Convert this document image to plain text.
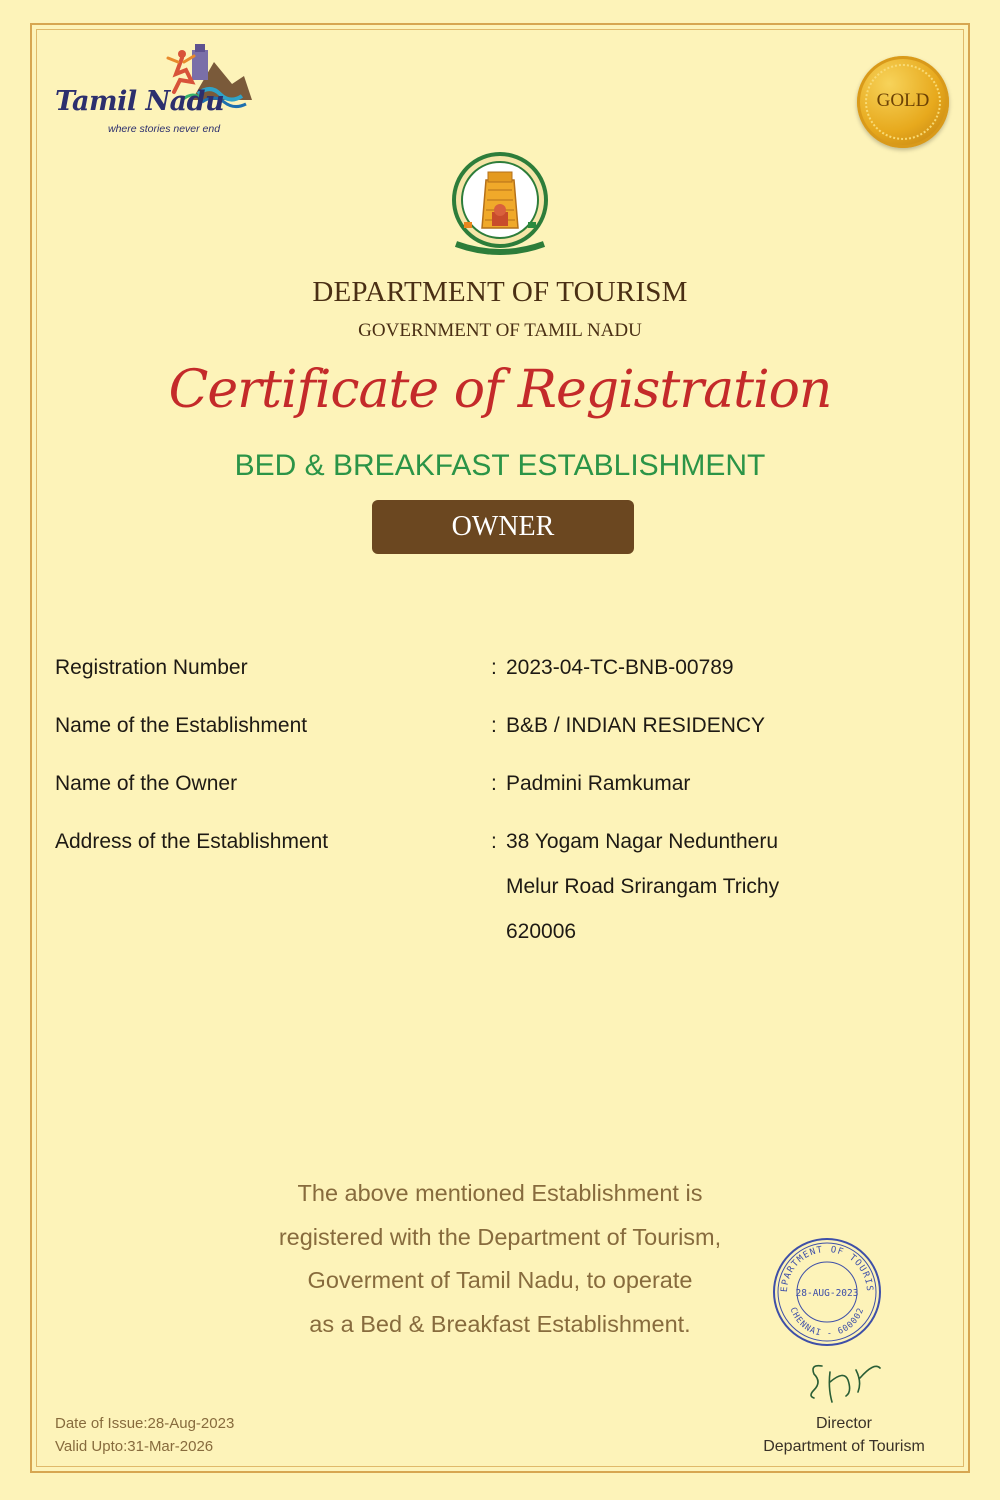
Tamil Nadu
where stories never end
GOLD
DEPARTMENT OF TOURISM
GOVERNMENT OF TAMIL NADU
Certificate of Registration
BED & BREAKFAST ESTABLISHMENT
OWNER
Registration Number	: 2023-04-TC-BNB-00789
Name of the Establishment	: B&B / INDIAN RESIDENCY
Name of the Owner	: Padmini Ramkumar
Address of the Establishment	: 38 Yogam Nagar Neduntheru
Melur Road Srirangam Trichy
620006
The above mentioned Establishment is
registered with the Department of Tourism,
Goverment of Tamil Nadu, to operate
as a Bed & Breakfast Establishment.
EPARTMENT OF TOURIS
28-AUG-2023
CHENNAI - 600002
Director
Department of Tourism
Date of Issue:28-Aug-2023
Valid Upto:31-Mar-2026
